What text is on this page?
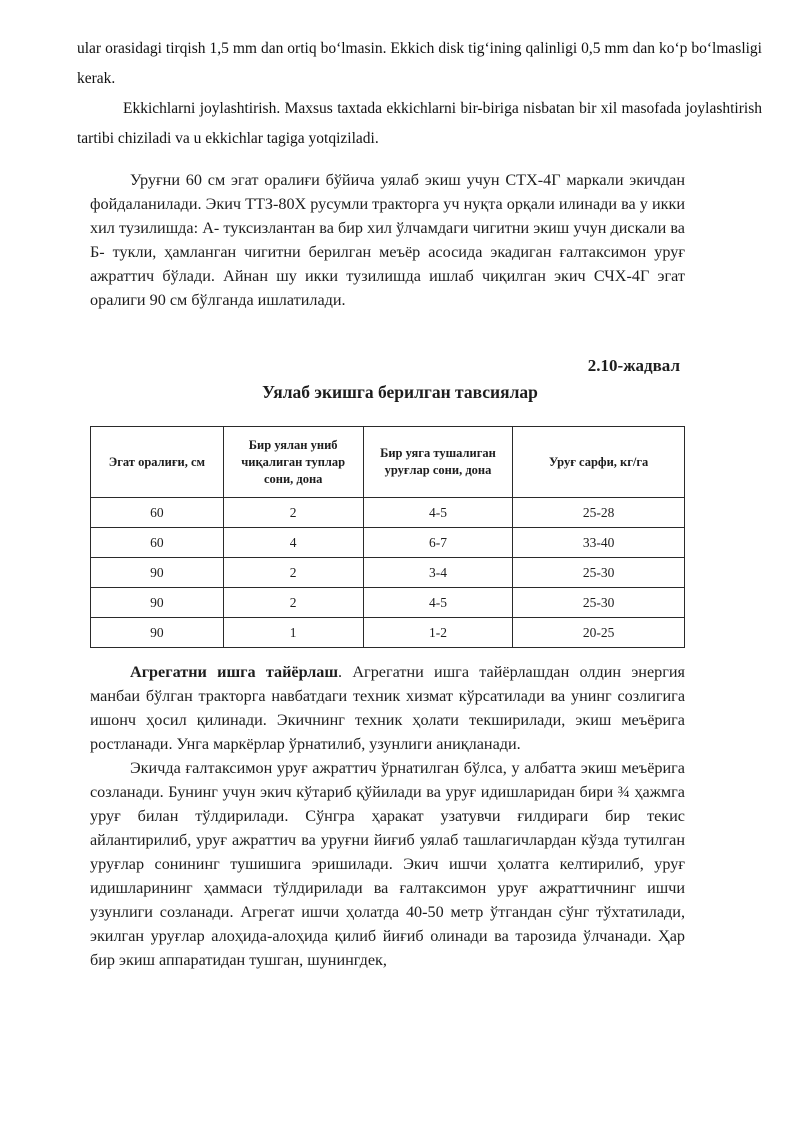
ular orasidagi tirqish 1,5 mm dan ortiq bo‘lmasin. Ekkich disk tig‘ining qalinligi 0,5 mm dan ko‘p bo‘lmasligi kerak.

Ekkichlarni joylashtirish. Maxsus taxtada ekkichlarni bir-biriga nisbatan bir xil masofada joylashtirish tartibi chiziladi va u ekkichlar tagiga yotqiziladi.

Уруғни 60 см эгат оралиғи бўйича уялаб экиш учун СТХ-4Г маркали экичдан фойдаланилади. Экич ТТЗ-80Х русумли тракторга уч нуқта орқали илинади ва у икки хил тузилишда: А- туксизлантан ва бир хил ўлчамдаги чигитни экиш учун дискали ва Б- тукли, ҳамланган чигитни берилган меъёр асосида экадиган ғалтаксимон уруғ ажраттич бўлади. Айнан шу икки тузилишда ишлаб чиқилган экич СЧХ-4Г эгат оралиги 90 см бўлганда ишлатилади.

2.10-жадвал
Уялаб экишга берилган тавсиялар
Эгат оралиғи, см	Бир уялан униб чиқалиган туплар сони, дона	Бир уяга тушалиган уруғлар сони, дона	Уруғ сарфи, кг/га
60	2	4-5	25-28
60	4	6-7	33-40
90	2	3-4	25-30
90	2	4-5	25-30
90	1	1-2	20-25

Агрегатни ишга тайёрлаш. Агрегатни ишга тайёрлашдан олдин энергия манбаи бўлган тракторга навбатдаги техник хизмат кўрсатилади ва унинг созлигига ишонч ҳосил қилинади. Экичнинг техник ҳолати текширилади, экиш меъёрига ростланади. Унга маркёрлар ўрнатилиб, узунлиги аниқланади.

Экичда ғалтаксимон уруғ ажраттич ўрнатилган бўлса, у албатта экиш меъёрига созланади. Бунинг учун экич кўтариб қўйилади ва уруғ идишларидан бири ¾ ҳажмга уруғ билан тўлдирилади. Сўнгра ҳаракат узатувчи ғилдираги бир текис айлантирилиб, уруғ ажраттич ва уруғни йиғиб уялаб ташлагичлардан кўзда тутилган уруғлар сонининг тушишига эришилади. Экич ишчи ҳолатга келтирилиб, уруғ идишларининг ҳаммаси тўлдирилади ва ғалтаксимон уруғ ажраттичнинг ишчи узунлиги созланади. Агрегат ишчи ҳолатда 40-50 метр ўтгандан сўнг тўхтатилади, экилган уруғлар алоҳида-алоҳида қилиб йиғиб олинади ва тарозида ўлчанади. Ҳар бир экиш аппаратидан тушган, шунингдек,
